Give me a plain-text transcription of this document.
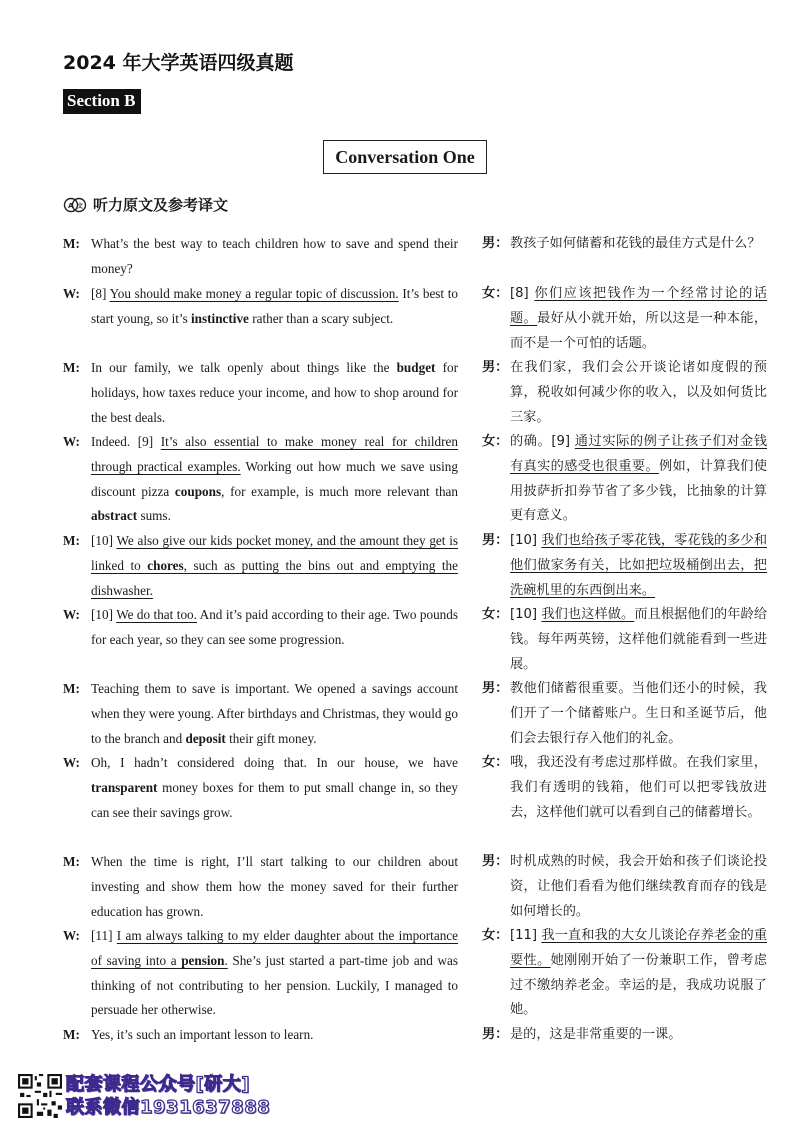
2024 年大学英语四级真题
Section B
Conversation One
A 文 听力原文及参考译文
M: What’s the best way to teach children how to save and spend their money?
W: [8] You should make money a regular topic of discussion. It’s best to start young, so it’s instinctive rather than a scary subject.
M: In our family, we talk openly about things like the budget for holidays, how taxes reduce your income, and how to shop around for the best deals.
W: Indeed. [9] It’s also essential to make money real for children through practical examples. Working out how much we save using discount pizza coupons, for example, is much more relevant than abstract sums.
M: [10] We also give our kids pocket money, and the amount they get is linked to chores, such as putting the bins out and emptying the dishwasher.
W: [10] We do that too. And it’s paid according to their age. Two pounds for each year, so they can see some progression.
M: Teaching them to save is important. We opened a savings account when they were young. After birthdays and Christmas, they would go to the branch and deposit their gift money.
W: Oh, I hadn’t considered doing that. In our house, we have transparent money boxes for them to put small change in, so they can see their savings grow.
M: When the time is right, I’ll start talking to our children about investing and show them how the money saved for their further education has grown.
W: [11] I am always talking to my elder daughter about the importance of saving into a pension. She’s just started a part-time job and was thinking of not contributing to her pension. Luckily, I managed to persuade her otherwise.
M: Yes, it’s such an important lesson to learn.
男： 教孩子如何储蓄和花钱的最佳方式是什么？
女： [8] 你们应该把钱作为一个经常讨论的话题。最好从小就开始，所以这是一种本能，而不是一个可怕的话题。
男： 在我们家，我们会公开谈论诸如度假的预算，税收如何减少你的收入，以及如何货比三家。
女： 的确。[9] 通过实际的例子让孩子们对金钱有真实的感受也很重要。例如，计算我们使用披萨折扣券节省了多少钱，比抽象的计算更有意义。
男： [10] 我们也给孩子零花钱，零花钱的多少和他们做家务有关，比如把垃圾桶倒出去，把洗碗机里的东西倒出来。
女： [10] 我们也这样做。而且根据他们的年龄给钱。每年两英镑，这样他们就能看到一些进展。
男： 教他们储蓄很重要。当他们还小的时候，我们开了一个储蓄账户。生日和圣诞节后，他们会去银行存入他们的礼金。
女： 哦，我还没有考虑过那样做。在我们家里，我们有透明的钱箱，他们可以把零钱放进去，这样他们就可以看到自己的储蓄增长。
男： 时机成熟的时候，我会开始和孩子们谈论投资，让他们看看为他们继续教育而存的钱是如何增长的。
女： [11] 我一直和我的大女儿谈论存养老金的重要性。她刚刚开始了一份兼职工作，曾考虑过不缴纳养老金。幸运的是，我成功说服了她。
男： 是的，这是非常重要的一课。
配套课程公众号[研大]
联系微信1931637888
